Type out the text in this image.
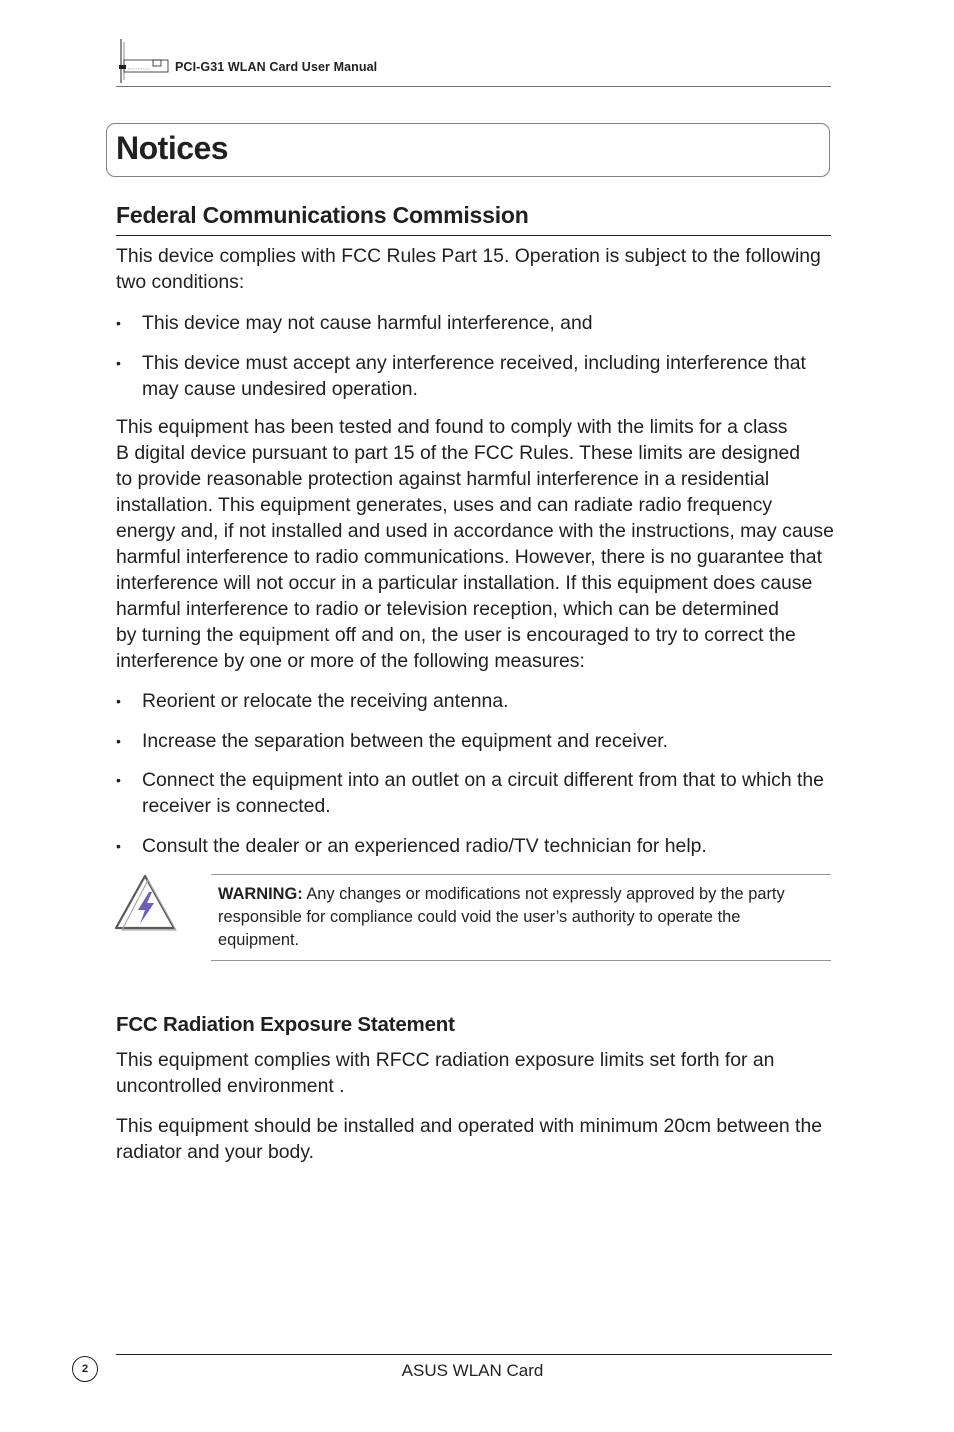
PCI-G31 WLAN Card User Manual
Notices
Federal Communications Commission
This device complies with FCC Rules Part 15. Operation is subject to the following
two conditions:
• This device may not cause harmful interference, and
• This device must accept any interference received, including interference that
may cause undesired operation.
This equipment has been tested and found to comply with the limits for a class
B digital device pursuant to part 15 of the FCC Rules. These limits are designed
to provide reasonable protection against harmful interference in a residential
installation. This equipment generates, uses and can radiate radio frequency
energy and, if not installed and used in accordance with the instructions, may cause
harmful interference to radio communications. However, there is no guarantee that
interference will not occur in a particular installation. If this equipment does cause
harmful interference to radio or television reception, which can be determined
by turning the equipment off and on, the user is encouraged to try to correct the
interference by one or more of the following measures:
• Reorient or relocate the receiving antenna.
• Increase the separation between the equipment and receiver.
• Connect the equipment into an outlet on a circuit different from that to which the
receiver is connected.
• Consult the dealer or an experienced radio/TV technician for help.
WARNING: Any changes or modifications not expressly approved by the party
responsible for compliance could void the user’s authority to operate the
equipment.
FCC Radiation Exposure Statement
This equipment complies with RFCC radiation exposure limits set forth for an
uncontrolled environment .
This equipment should be installed and operated with minimum 20cm between the
radiator and your body.
2	ASUS WLAN Card
